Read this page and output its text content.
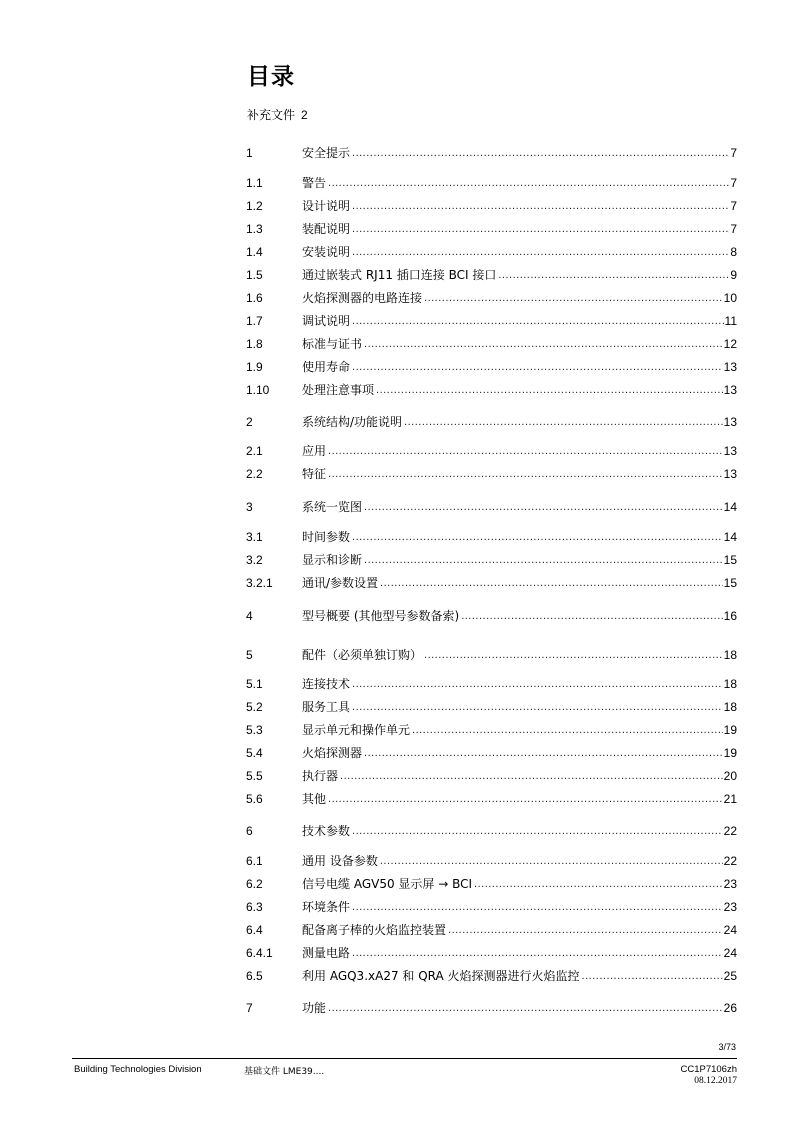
目录
补充文件 2
1	安全提示 .....	7
1.1	警告 .....	7
1.2	设计说明 .....	7
1.3	装配说明 .....	7
1.4	安装说明 .....	8
1.5	通过嵌装式 RJ11 插口连接 BCI 接口 .....	9
1.6	火焰探测器的电路连接 .....	10
1.7	调试说明 .....	11
1.8	标准与证书 .....	12
1.9	使用寿命 .....	13
1.10	处理注意事项 .....	13
2	系统结构/功能说明 .....	13
2.1	应用 .....	13
2.2	特征 .....	13
3	系统一览图 .....	14
3.1	时间参数 .....	14
3.2	显示和诊断 .....	15
3.2.1	通讯/参数设置 .....	15
4	型号概要 (其他型号参数备索) .....	16
5	配件（必须单独订购） .....	18
5.1	连接技术 .....	18
5.2	服务工具 .....	18
5.3	显示单元和操作单元 .....	19
5.4	火焰探测器 .....	19
5.5	执行器 .....	20
5.6	其他 .....	21
6	技术参数 .....	22
6.1	通用 设备参数 .....	22
6.2	信号电缆 AGV50 显示屏 → BCI .....	23
6.3	环境条件 .....	23
6.4	配备离子棒的火焰监控装置 .....	24
6.4.1	测量电路 .....	24
6.5	利用 AGQ3.xA27 和 QRA 火焰探测器进行火焰监控 .....	25
7	功能 .....	26
3/73
Building Technologies Division	基础文件 LME39....	CC1P7106zh
08.12.2017
